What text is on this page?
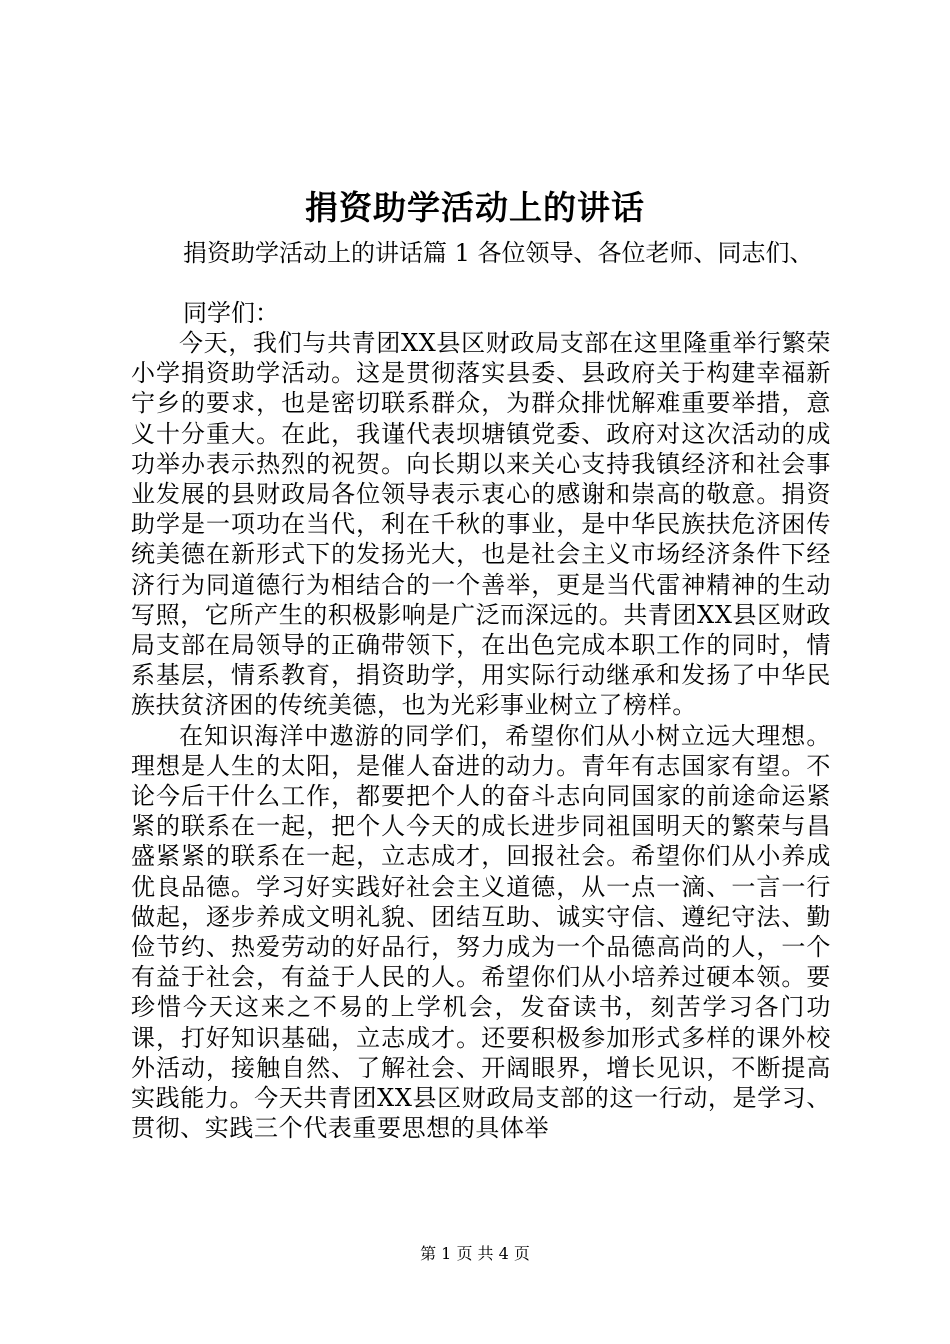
捐资助学活动上的讲话
捐资助学活动上的讲话篇 1 各位领导、各位老师、同志们、
同学们：

今天，我们与共青团XX县区财政局支部在这里隆重举行繁荣小学捐资助学活动。这是贯彻落实县委、县政府关于构建幸福新宁乡的要求，也是密切联系群众，为群众排忧解难重要举措，意义十分重大。在此，我谨代表坝塘镇党委、政府对这次活动的成功举办表示热烈的祝贺。向长期以来关心支持我镇经济和社会事业发展的县财政局各位领导表示衷心的感谢和崇高的敬意。捐资助学是一项功在当代，利在千秋的事业，是中华民族扶危济困传统美德在新形式下的发扬光大，也是社会主义市场经济条件下经济行为同道德行为相结合的一个善举，更是当代雷神精神的生动写照，它所产生的积极影响是广泛而深远的。共青团XX县区财政局支部在局领导的正确带领下，在出色完成本职工作的同时，情系基层，情系教育，捐资助学，用实际行动继承和发扬了中华民族扶贫济困的传统美德，也为光彩事业树立了榜样。

在知识海洋中遨游的同学们，希望你们从小树立远大理想。理想是人生的太阳，是催人奋进的动力。青年有志国家有望。不论今后干什么工作，都要把个人的奋斗志向同国家的前途命运紧紧的联系在一起，把个人今天的成长进步同祖国明天的繁荣与昌盛紧紧的联系在一起，立志成才，回报社会。希望你们从小养成优良品德。学习好实践好社会主义道德，从一点一滴、一言一行做起，逐步养成文明礼貌、团结互助、诚实守信、遵纪守法、勤俭节约、热爱劳动的好品行，努力成为一个品德高尚的人，一个有益于社会，有益于人民的人。希望你们从小培养过硬本领。要珍惜今天这来之不易的上学机会，发奋读书，刻苦学习各门功课，打好知识基础，立志成才。还要积极参加形式多样的课外校外活动，接触自然、了解社会、开阔眼界，增长见识，不断提高实践能力。今天共青团XX县区财政局支部的这一行动，是学习、贯彻、实践三个代表重要思想的具体举

第 1 页 共 4 页
